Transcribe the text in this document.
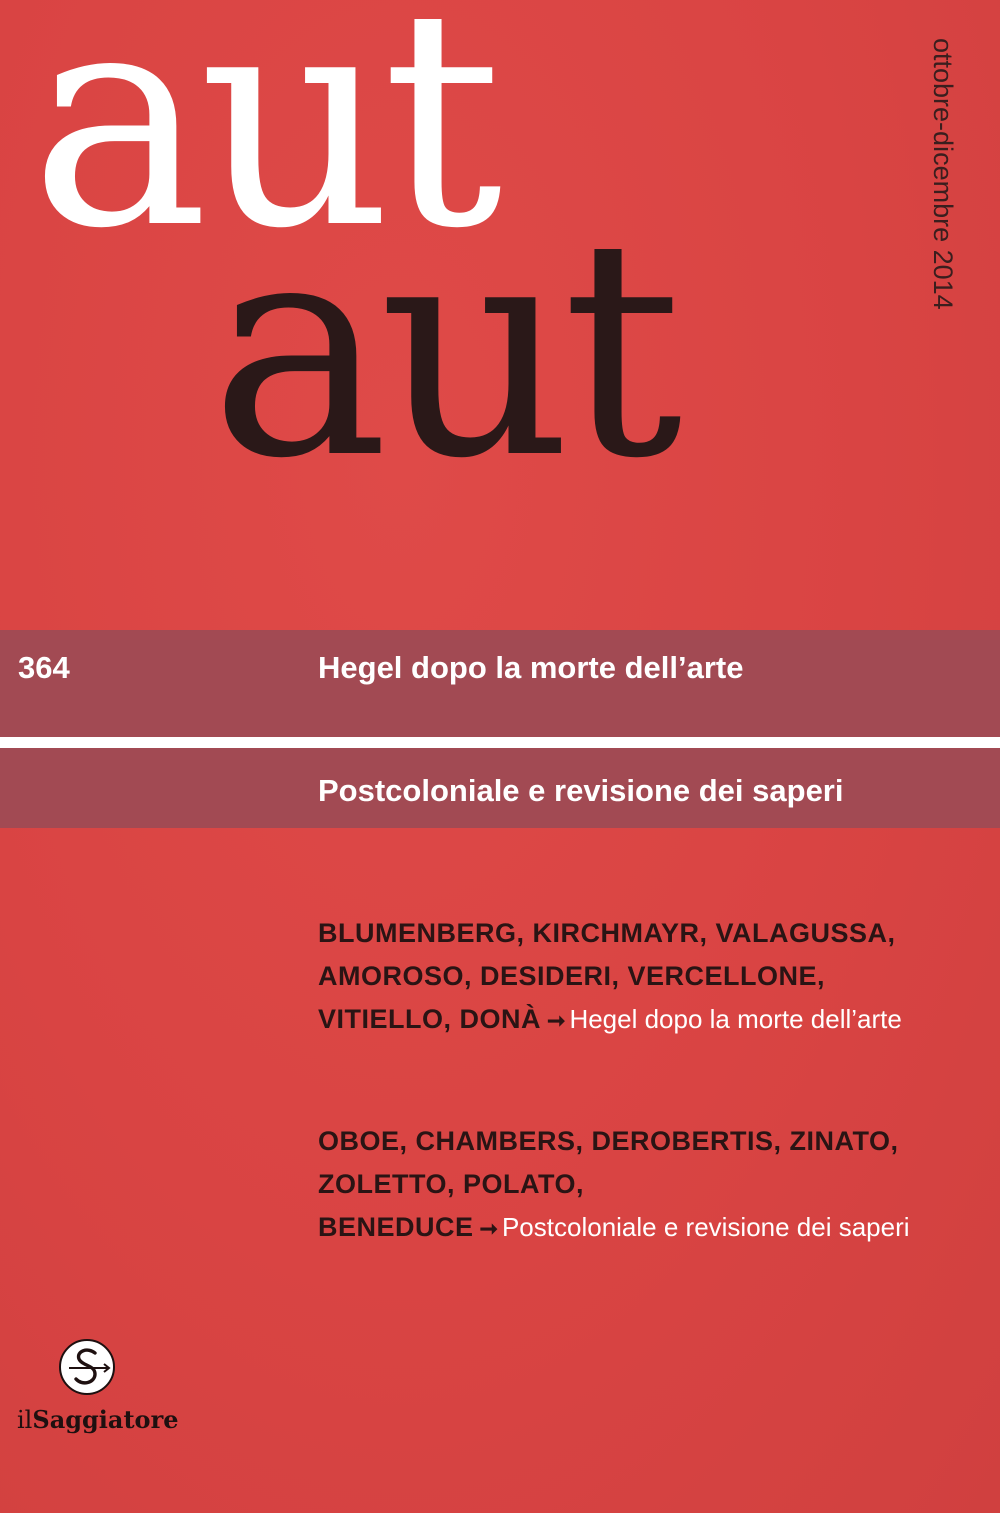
aut
aut
ottobre-dicembre 2014
364	Hegel dopo la morte dell’arte
Postcoloniale e revisione dei saperi
BLUMENBERG, KIRCHMAYR, VALAGUSSA, AMOROSO, DESIDERI, VERCELLONE, VITIELLO, DONÀ ➞ Hegel dopo la morte dell’arte
OBOE, CHAMBERS, DEROBERTIS, ZINATO, ZOLETTO, POLATO, BENEDUCE ➞ Postcoloniale e revisione dei saperi
ilSaggiatore
